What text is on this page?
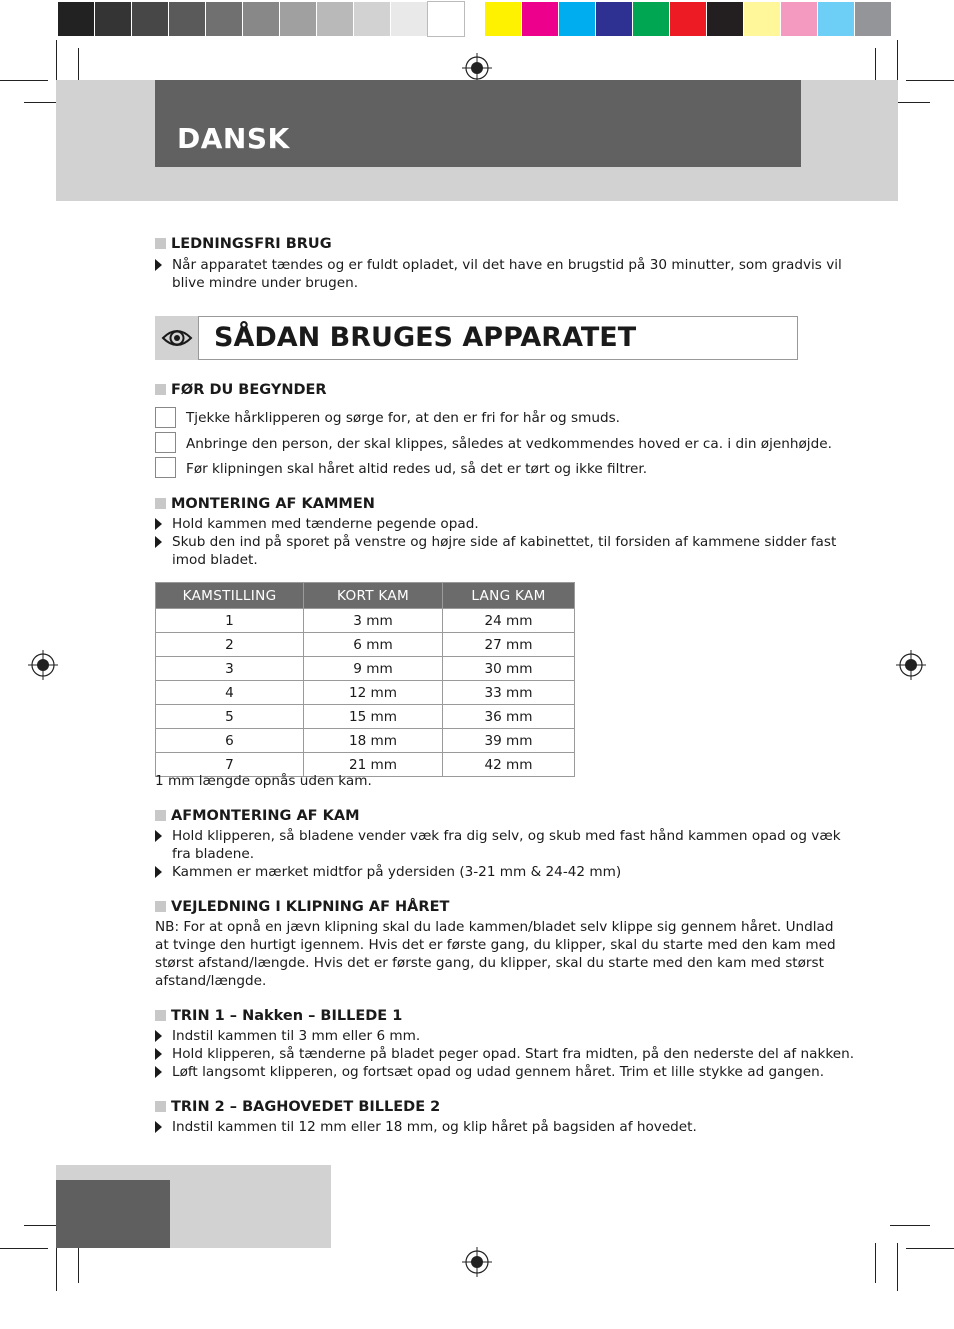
DANSK
LEDNINGSFRI BRUG
Når apparatet tændes og er fuldt opladet, vil det have en brugstid på 30 minutter, som gradvis vil
blive mindre under brugen.
SÅDAN BRUGES APPARATET
FØR DU BEGYNDER
Tjekke hårklipperen og sørge for, at den er fri for hår og smuds.
Anbringe den person, der skal klippes, således at vedkommendes hoved er ca. i din øjenhøjde.
Før klipningen skal håret altid redes ud, så det er tørt og ikke filtrer.
MONTERING AF KAMMEN
Hold kammen med tænderne pegende opad.
Skub den ind på sporet på venstre og højre side af kabinettet, til forsiden af kammene sidder fast
imod bladet.
KAMSTILLING	KORT KAM	LANG KAM
1	3 mm	24 mm
2	6 mm	27 mm
3	9 mm	30 mm
4	12 mm	33 mm
5	15 mm	36 mm
6	18 mm	39 mm
7	21 mm	42 mm
1 mm længde opnås uden kam.
AFMONTERING AF KAM
Hold klipperen, så bladene vender væk fra dig selv, og skub med fast hånd kammen opad og væk
fra bladene.
Kammen er mærket midtfor på ydersiden (3-21 mm & 24-42 mm)
VEJLEDNING I KLIPNING AF HÅRET
NB: For at opnå en jævn klipning skal du lade kammen/bladet selv klippe sig gennem håret. Undlad
at tvinge den hurtigt igennem. Hvis det er første gang, du klipper, skal du starte med den kam med
størst afstand/længde. Hvis det er første gang, du klipper, skal du starte med den kam med størst
afstand/længde.
TRIN 1 – Nakken – BILLEDE 1
Indstil kammen til 3 mm eller 6 mm.
Hold klipperen, så tænderne på bladet peger opad. Start fra midten, på den nederste del af nakken.
Løft langsomt klipperen, og fortsæt opad og udad gennem håret. Trim et lille stykke ad gangen.
TRIN 2 – BAGHOVEDET BILLEDE 2
Indstil kammen til 12 mm eller 18 mm, og klip håret på bagsiden af hovedet.
